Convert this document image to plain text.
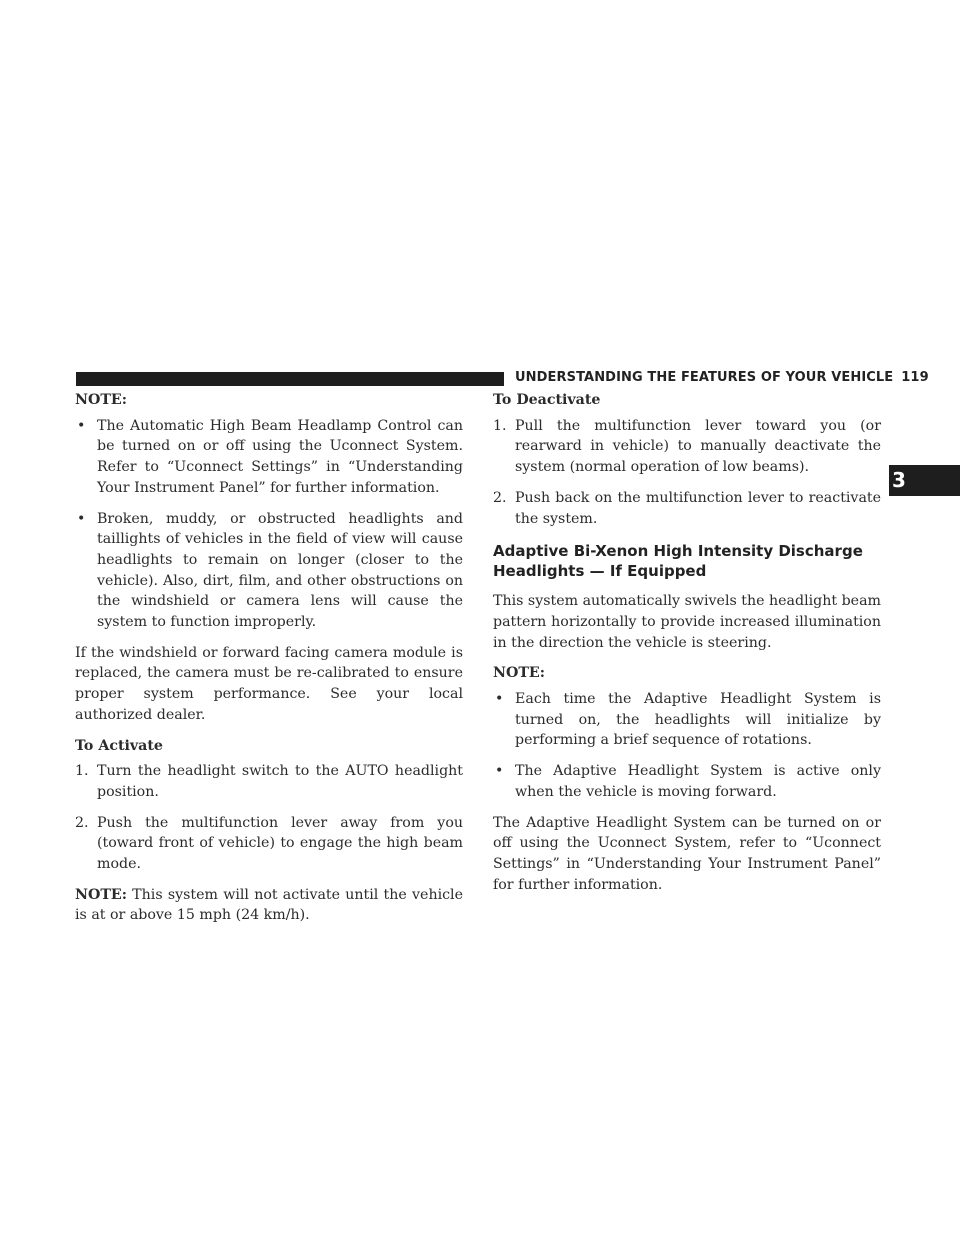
UNDERSTANDING THE FEATURES OF YOUR VEHICLE 119
3
NOTE:
• The Automatic High Beam Headlamp Control can be turned on or off using the Uconnect System. Refer to “Uconnect Settings” in “Understanding Your Instrument Panel” for further information.
• Broken, muddy, or obstructed headlights and taillights of vehicles in the field of view will cause headlights to remain on longer (closer to the vehicle). Also, dirt, film, and other obstructions on the windshield or camera lens will cause the system to function improperly.

If the windshield or forward facing camera module is replaced, the camera must be re-calibrated to ensure proper system performance. See your local authorized dealer.

To Activate
1. Turn the headlight switch to the AUTO headlight position.
2. Push the multifunction lever away from you (toward front of vehicle) to engage the high beam mode.

NOTE: This system will not activate until the vehicle is at or above 15 mph (24 km/h).

To Deactivate
1. Pull the multifunction lever toward you (or rearward in vehicle) to manually deactivate the system (normal operation of low beams).
2. Push back on the multifunction lever to reactivate the system.
Adaptive Bi-Xenon High Intensity Discharge Headlights — If Equipped

This system automatically swivels the headlight beam pattern horizontally to provide increased illumination in the direction the vehicle is steering.

NOTE:
• Each time the Adaptive Headlight System is turned on, the headlights will initialize by performing a brief sequence of rotations.
• The Adaptive Headlight System is active only when the vehicle is moving forward.

The Adaptive Headlight System can be turned on or off using the Uconnect System, refer to “Uconnect Settings” in “Understanding Your Instrument Panel” for further information.
